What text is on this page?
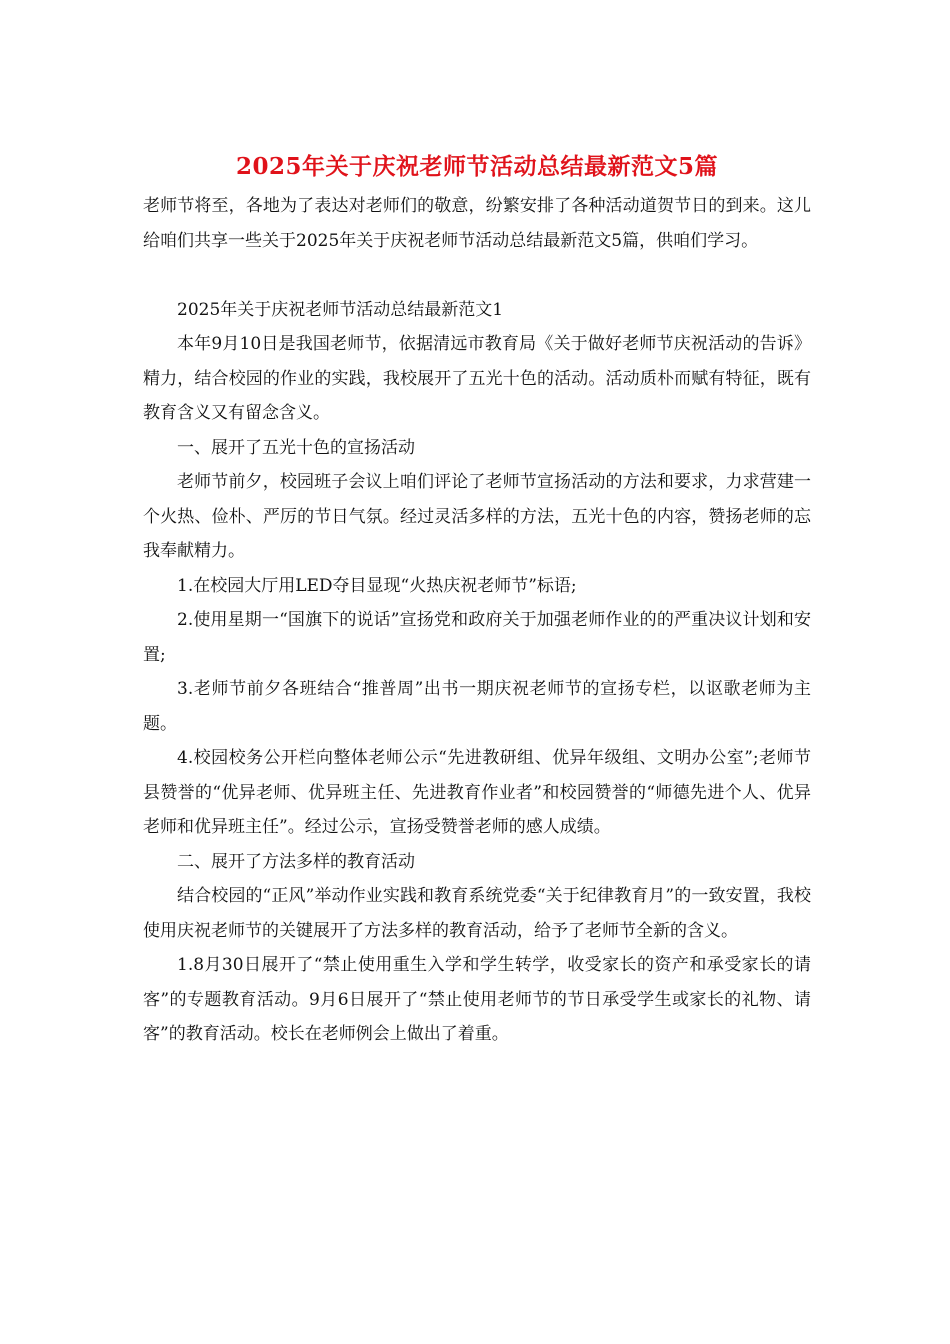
2025年关于庆祝老师节活动总结最新范文5篇

老师节将至，各地为了表达对老师们的敬意，纷繁安排了各种活动道贺节日的到来。这儿给咱们共享一些关于2025年关于庆祝老师节活动总结最新范文5篇，供咱们学习。

2025年关于庆祝老师节活动总结最新范文1

本年9月10日是我国老师节，依据清远市教育局《关于做好老师节庆祝活动的告诉》精力，结合校园的作业的实践，我校展开了五光十色的活动。活动质朴而赋有特征，既有教育含义又有留念含义。

一、展开了五光十色的宣扬活动

老师节前夕，校园班子会议上咱们评论了老师节宣扬活动的方法和要求，力求营建一个火热、俭朴、严厉的节日气氛。经过灵活多样的方法，五光十色的内容，赞扬老师的忘我奉献精力。

1.在校园大厅用LED夺目显现“火热庆祝老师节”标语;

2.使用星期一“国旗下的说话”宣扬党和政府关于加强老师作业的的严重决议计划和安置;

3.老师节前夕各班结合“推普周”出书一期庆祝老师节的宣扬专栏，以讴歌老师为主题。

4.校园校务公开栏向整体老师公示“先进教研组、优异年级组、文明办公室”;老师节县赞誉的“优异老师、优异班主任、先进教育作业者”和校园赞誉的“师德先进个人、优异老师和优异班主任”。经过公示，宣扬受赞誉老师的感人成绩。

二、展开了方法多样的教育活动

结合校园的“正风”举动作业实践和教育系统党委“关于纪律教育月”的一致安置，我校使用庆祝老师节的关键展开了方法多样的教育活动，给予了老师节全新的含义。

1.8月30日展开了“禁止使用重生入学和学生转学，收受家长的资产和承受家长的请客”的专题教育活动。9月6日展开了“禁止使用老师节的节日承受学生或家长的礼物、请客”的教育活动。校长在老师例会上做出了着重。
